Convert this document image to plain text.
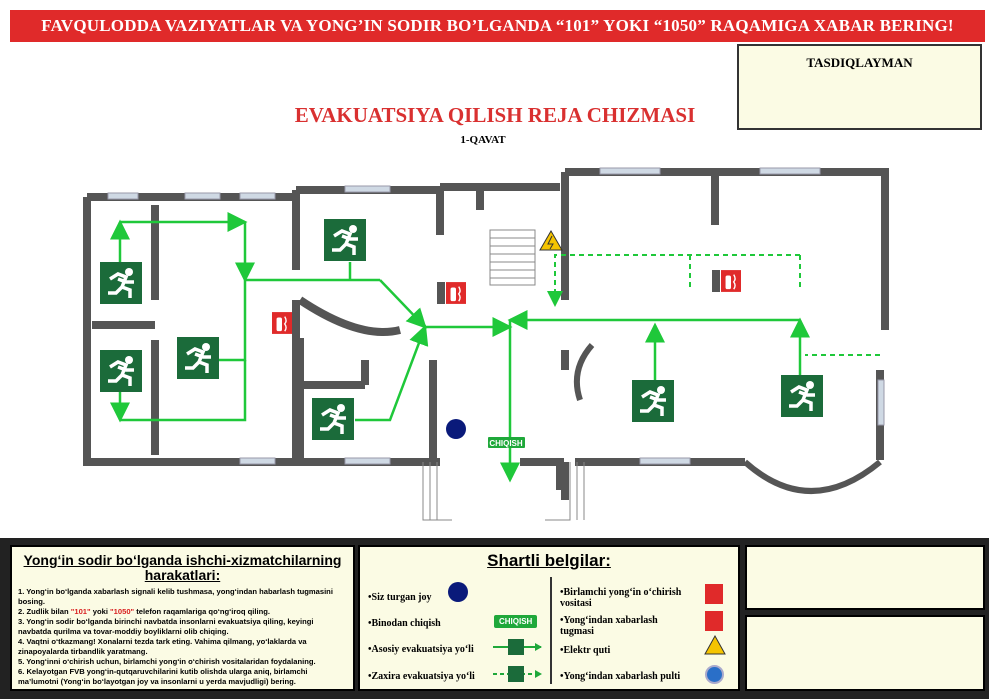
FAVQULODDA VAZIYATLAR VA YONG’IN SODIR BO’LGANDA “101” YOKI “1050” RAQAMIGA XABAR BERING!
TASDIQLAYMAN
EVAKUATSIYA QILISH REJA CHIZMASI
1-QAVAT
CHIQISH
Yong‘in sodir bo‘lganda ishchi-xizmatchilarning harakatlari:

1. Yong‘in bo‘lganda xabarlash signali kelib tushmasa, yong‘indan habarlash tugmasini bosing.
2. Zudlik bilan "101" yoki "1050" telefon raqamlariga qo‘ng‘iroq qiling.
3. Yong‘in sodir bo‘lganda birinchi navbatda insonlarni evakuatsiya qiling, keyingi navbatda qurilma va tovar-moddiy boyliklarni olib chiqing.
4. Vaqtni o‘tkazmang! Xonalarni tezda tark eting. Vahima qilmang, yo‘laklarda va zinapoyalarda tirbandlik yaratmang.
5. Yong‘inni o‘chirish uchun, birlamchi yong‘in o‘chirish vositalaridan foydalaning.
6. Kelayotgan FVB yong‘in-qutqaruvchilarini kutib olishda ularga aniq, birlamchi ma’lumotni (Yong‘in bo‘layotgan joy va insonlarni u yerda mavjudligi) bering.

Shartli belgilar:
•Siz turgan joy
•Binodan chiqish	CHIQISH
•Asosiy evakuatsiya yo‘li
•Zaxira evakuatsiya yo‘li
•Birlamchi yong‘in o‘chirish vositasi
•Yong‘indan xabarlash tugmasi
•Elektr quti
•Yong‘indan xabarlash pulti
